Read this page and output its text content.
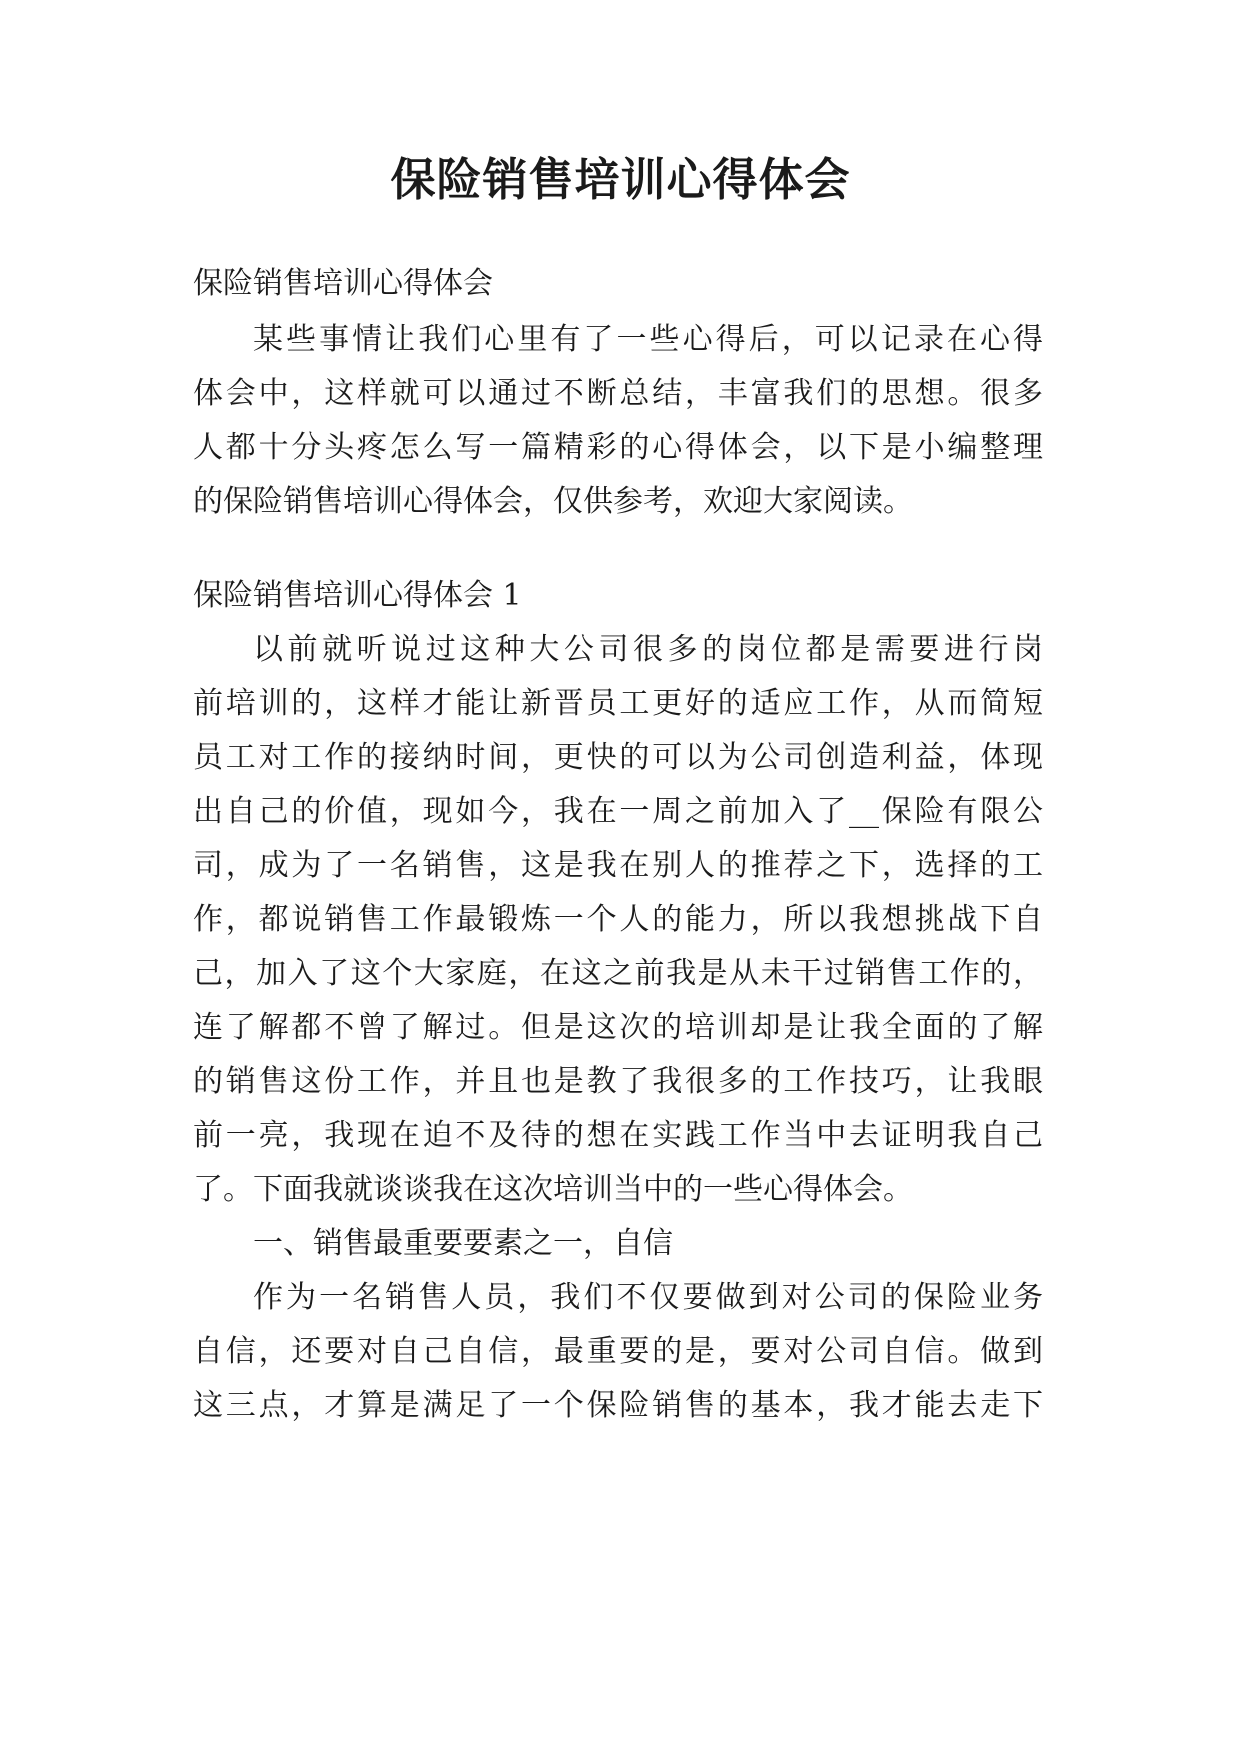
保险销售培训心得体会
保险销售培训心得体会
某些事情让我们心里有了一些心得后，可以记录在心得
体会中，这样就可以通过不断总结，丰富我们的思想。很多
人都十分头疼怎么写一篇精彩的心得体会，以下是小编整理
的保险销售培训心得体会，仅供参考，欢迎大家阅读。
保险销售培训心得体会 1
以前就听说过这种大公司很多的岗位都是需要进行岗
前培训的，这样才能让新晋员工更好的适应工作，从而简短
员工对工作的接纳时间，更快的可以为公司创造利益，体现
出自己的价值，现如今，我在一周之前加入了__保险有限公
司，成为了一名销售，这是我在别人的推荐之下，选择的工
作，都说销售工作最锻炼一个人的能力，所以我想挑战下自
己，加入了这个大家庭，在这之前我是从未干过销售工作的，
连了解都不曾了解过。但是这次的培训却是让我全面的了解
的销售这份工作，并且也是教了我很多的工作技巧，让我眼
前一亮，我现在迫不及待的想在实践工作当中去证明我自己
了。下面我就谈谈我在这次培训当中的一些心得体会。
一、销售最重要要素之一，自信
作为一名销售人员，我们不仅要做到对公司的保险业务
自信，还要对自己自信，最重要的是，要对公司自信。做到
这三点，才算是满足了一个保险销售的基本，我才能去走下
